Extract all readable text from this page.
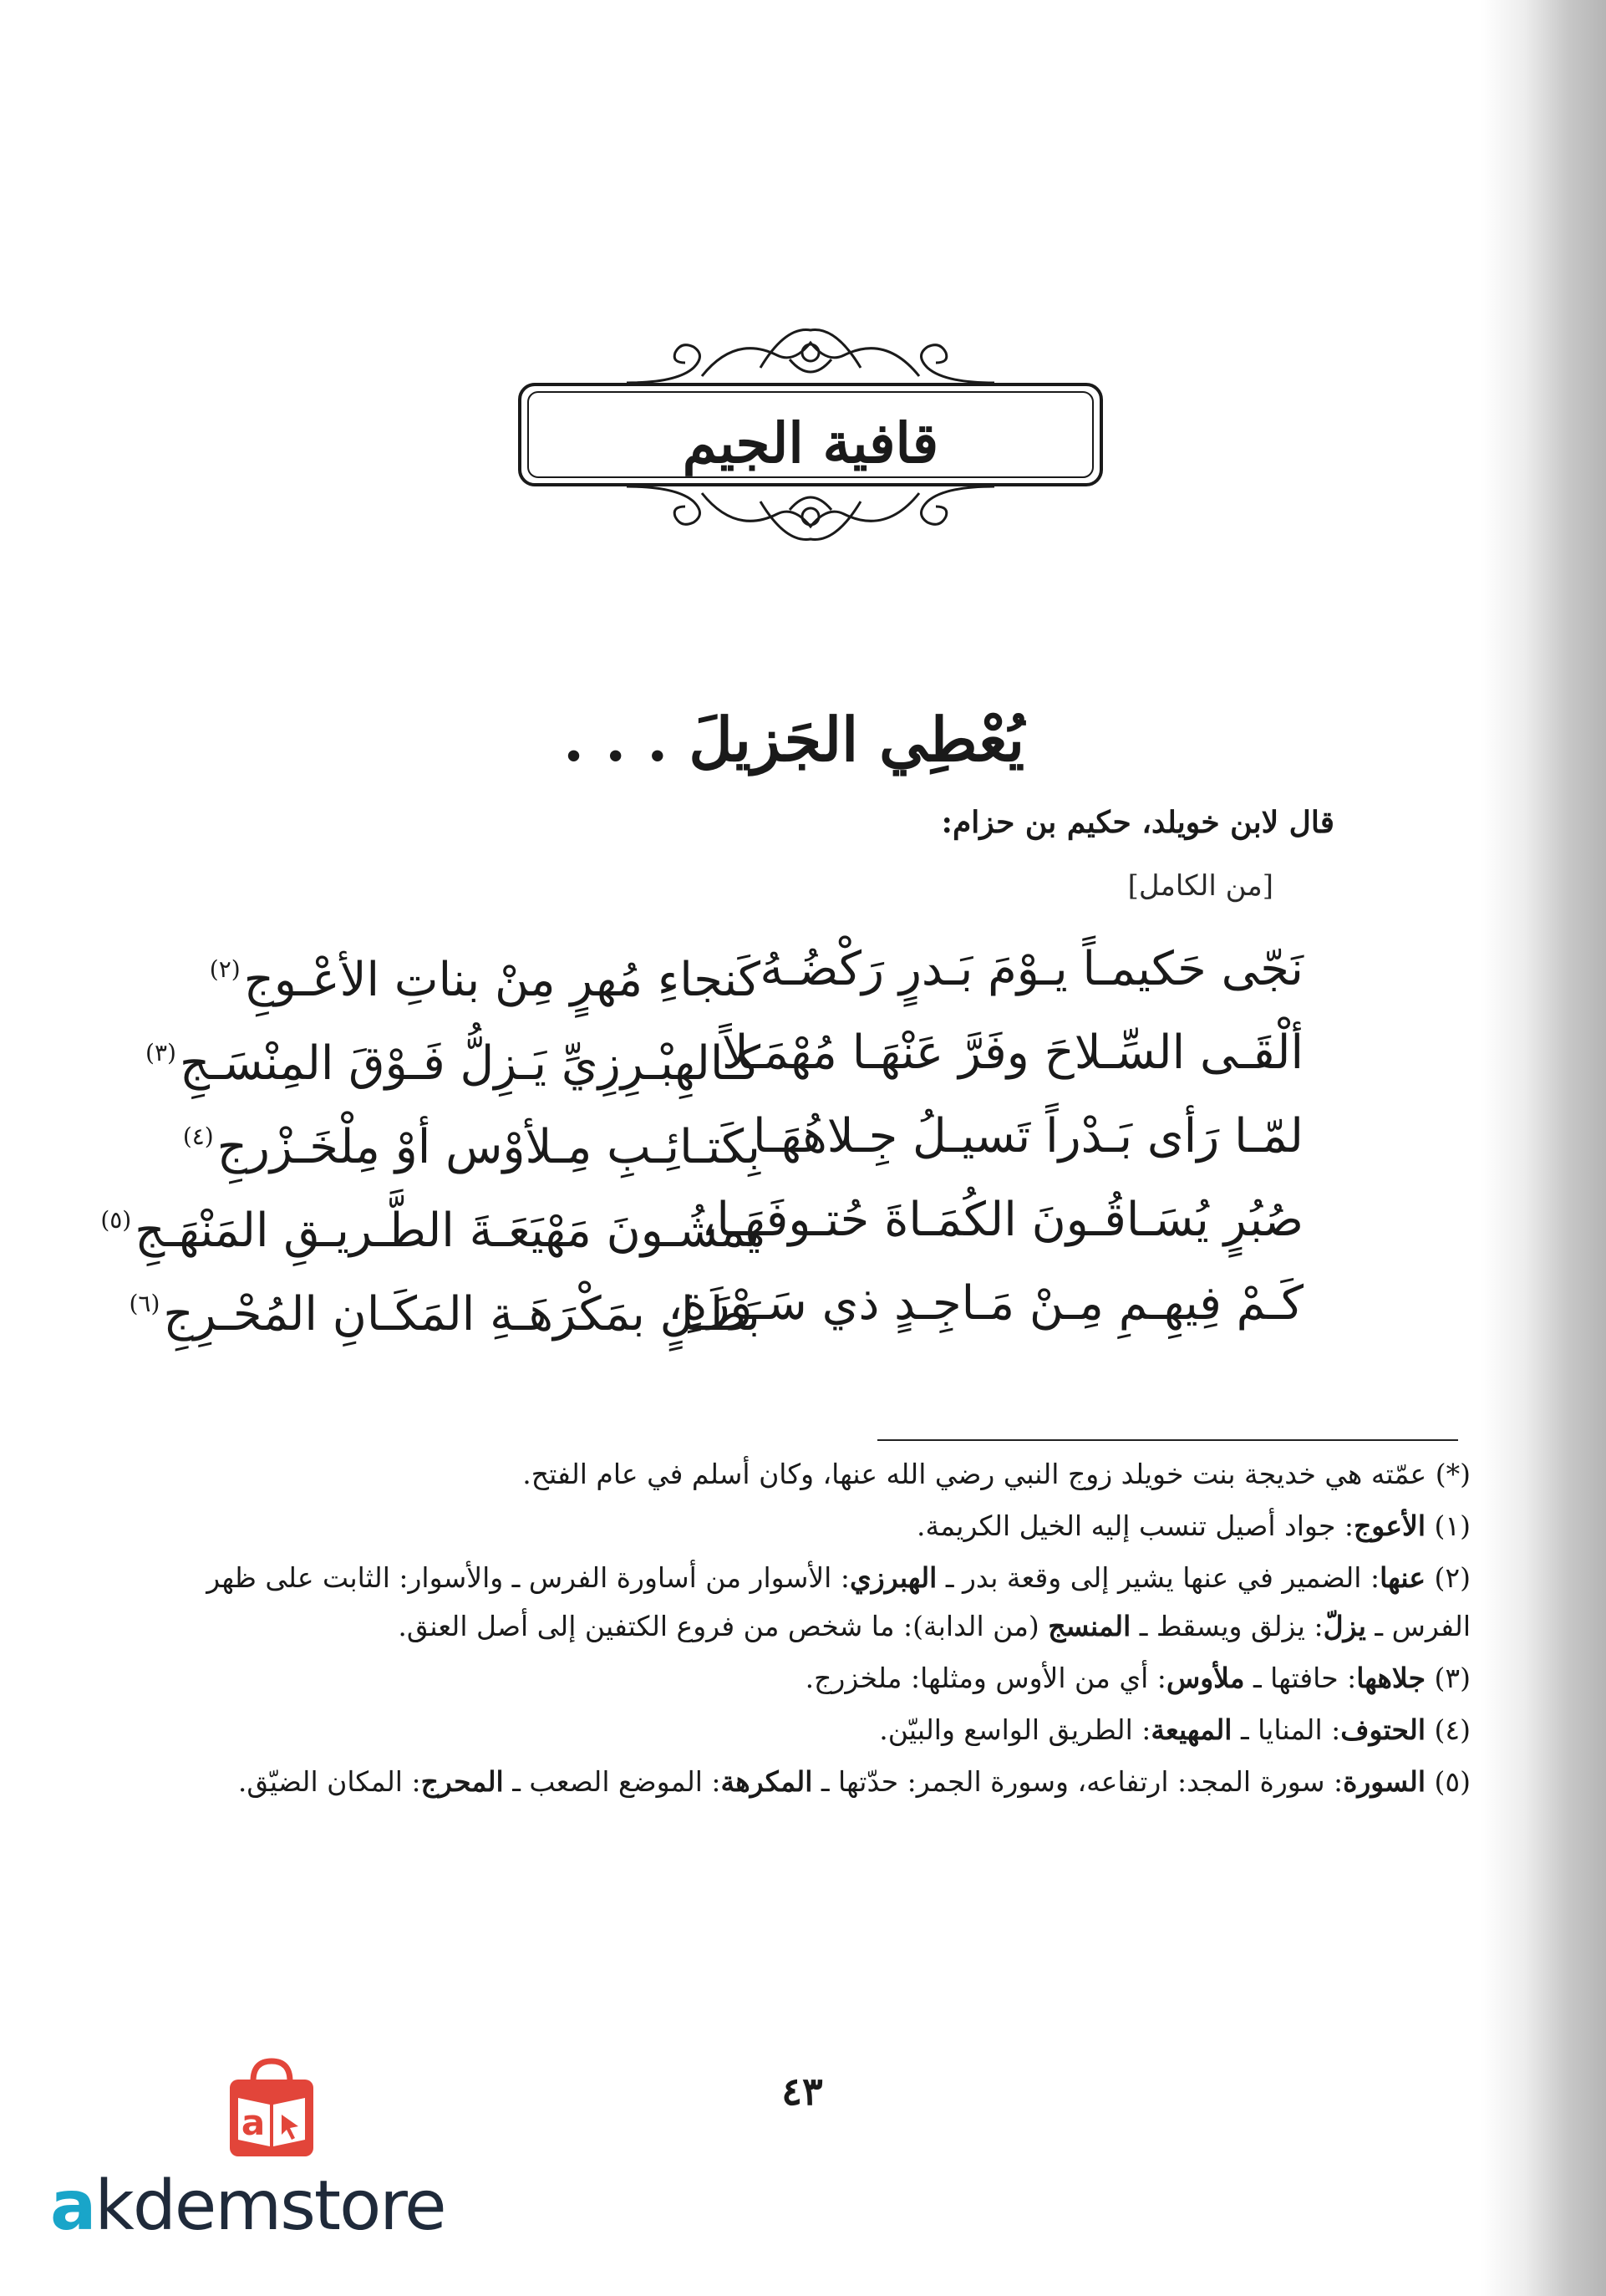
قافية الجيم
يُعْطِي الجَزيلَ . . .
قال لابن خويلد، حكيم بن حزام:
[من الكامل]
نَجّى حَكيمـاً يـوْمَ بَـدرٍ رَكْضُـهُ
كَنجاءِ مُهرٍ مِنْ بناتِ الأعْـوجِ$^{(٢)}$
ألْقَـى السِّـلاحَ وفَرَّ عَنْهَـا مُهْمَـلاً
كـالهِبْـرِزِيِّ يَـزِلُّ فَـوْقَ المِنْسَـجِ$^{(٣)}$
لمّـا رَأى بَـدْراً تَسيـلُ جِـلاهُهَـا
بِكَتـائِـبِ مِـلأوْس أوْ مِلْخَـزْرجِ$^{(٤)}$
صُبُرٍ يُسَـاقُـونَ الكُمَـاةَ حُتـوفَهَـا،
يمشُـونَ مَهْيَعَـةَ الطَّـريـقِ المَنْهَـجِ$^{(٥)}$
كَـمْ فِيهِـمِ مِـنْ مَـاجِـدٍ ذي سَـوْرَةٍ،
بَطَـلٍ بمَكْرَهَـةِ المَكَـانِ المُحْـرِجِ$^{(٦)}$

(*) عمّته هي خديجة بنت خويلد زوج النبي رضي الله عنها، وكان أسلم في عام الفتح.

(١) الأعوج: جواد أصيل تنسب إليه الخيل الكريمة.

(٢) عنها: الضمير في عنها يشير إلى وقعة بدر ـ الهبرزي: الأسوار من أساورة الفرس ـ والأسوار: الثابت على ظهر الفرس ـ يزلّ: يزلق ويسقط ـ المنسج (من الدابة): ما شخص من فروع الكتفين إلى أصل العنق.

(٣) جلاهها: حافتها ـ ملأوس: أي من الأوس ومثلها: ملخزرج.

(٤) الحتوف: المنايا ـ المهيعة: الطريق الواسع والبيّن.

(٥) السورة: سورة المجد: ارتفاعه، وسورة الجمر: حدّتها ـ المكرهة: الموضع الصعب ـ المحرج: المكان الضيّق.

٤٣
a
akdemstore
